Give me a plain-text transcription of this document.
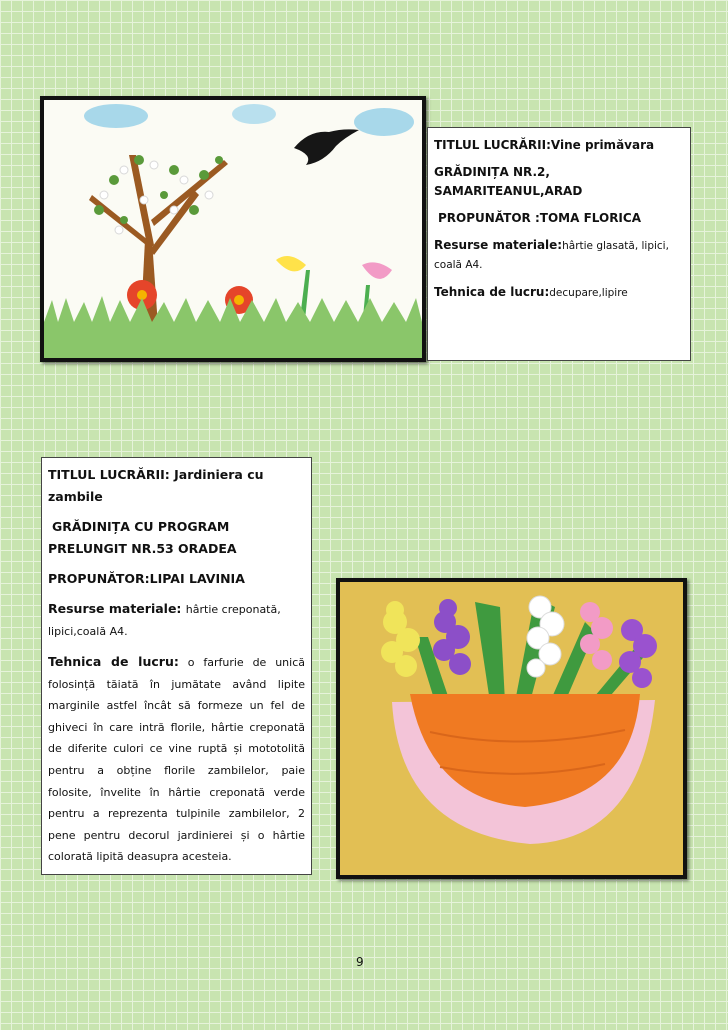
TITLUL LUCRĂRII:Vine primăvara

GRĂDINIȚA NR.2,

SAMARITEANUL,ARAD

PROPUNĂTOR :TOMA FLORICA

Resurse materiale:hârtie glasată, lipici,

coală A4.

Tehnica de lucru:decupare,lipire

TITLUL LUCRĂRII: Jardiniera cu

zambile

GRĂDINIȚA CU PROGRAM

PRELUNGIT NR.53 ORADEA

PROPUNĂTOR:LIPAI LAVINIA

Resurse materiale: hârtie creponată,

lipici,coală A4.

Tehnica de lucru: o farfurie de unică folosință tăiată în jumătate având lipite marginile astfel încât să formeze un fel de ghiveci în care intră florile, hârtie creponată de diferite culori ce vine ruptă și mototolită pentru a obține florile zambilelor, paie folosite, învelite în hârtie creponată verde pentru a reprezenta tulpinile zambilelor, 2 pene pentru decorul jardinierei și o hârtie colorată lipită deasupra acesteia.

9
